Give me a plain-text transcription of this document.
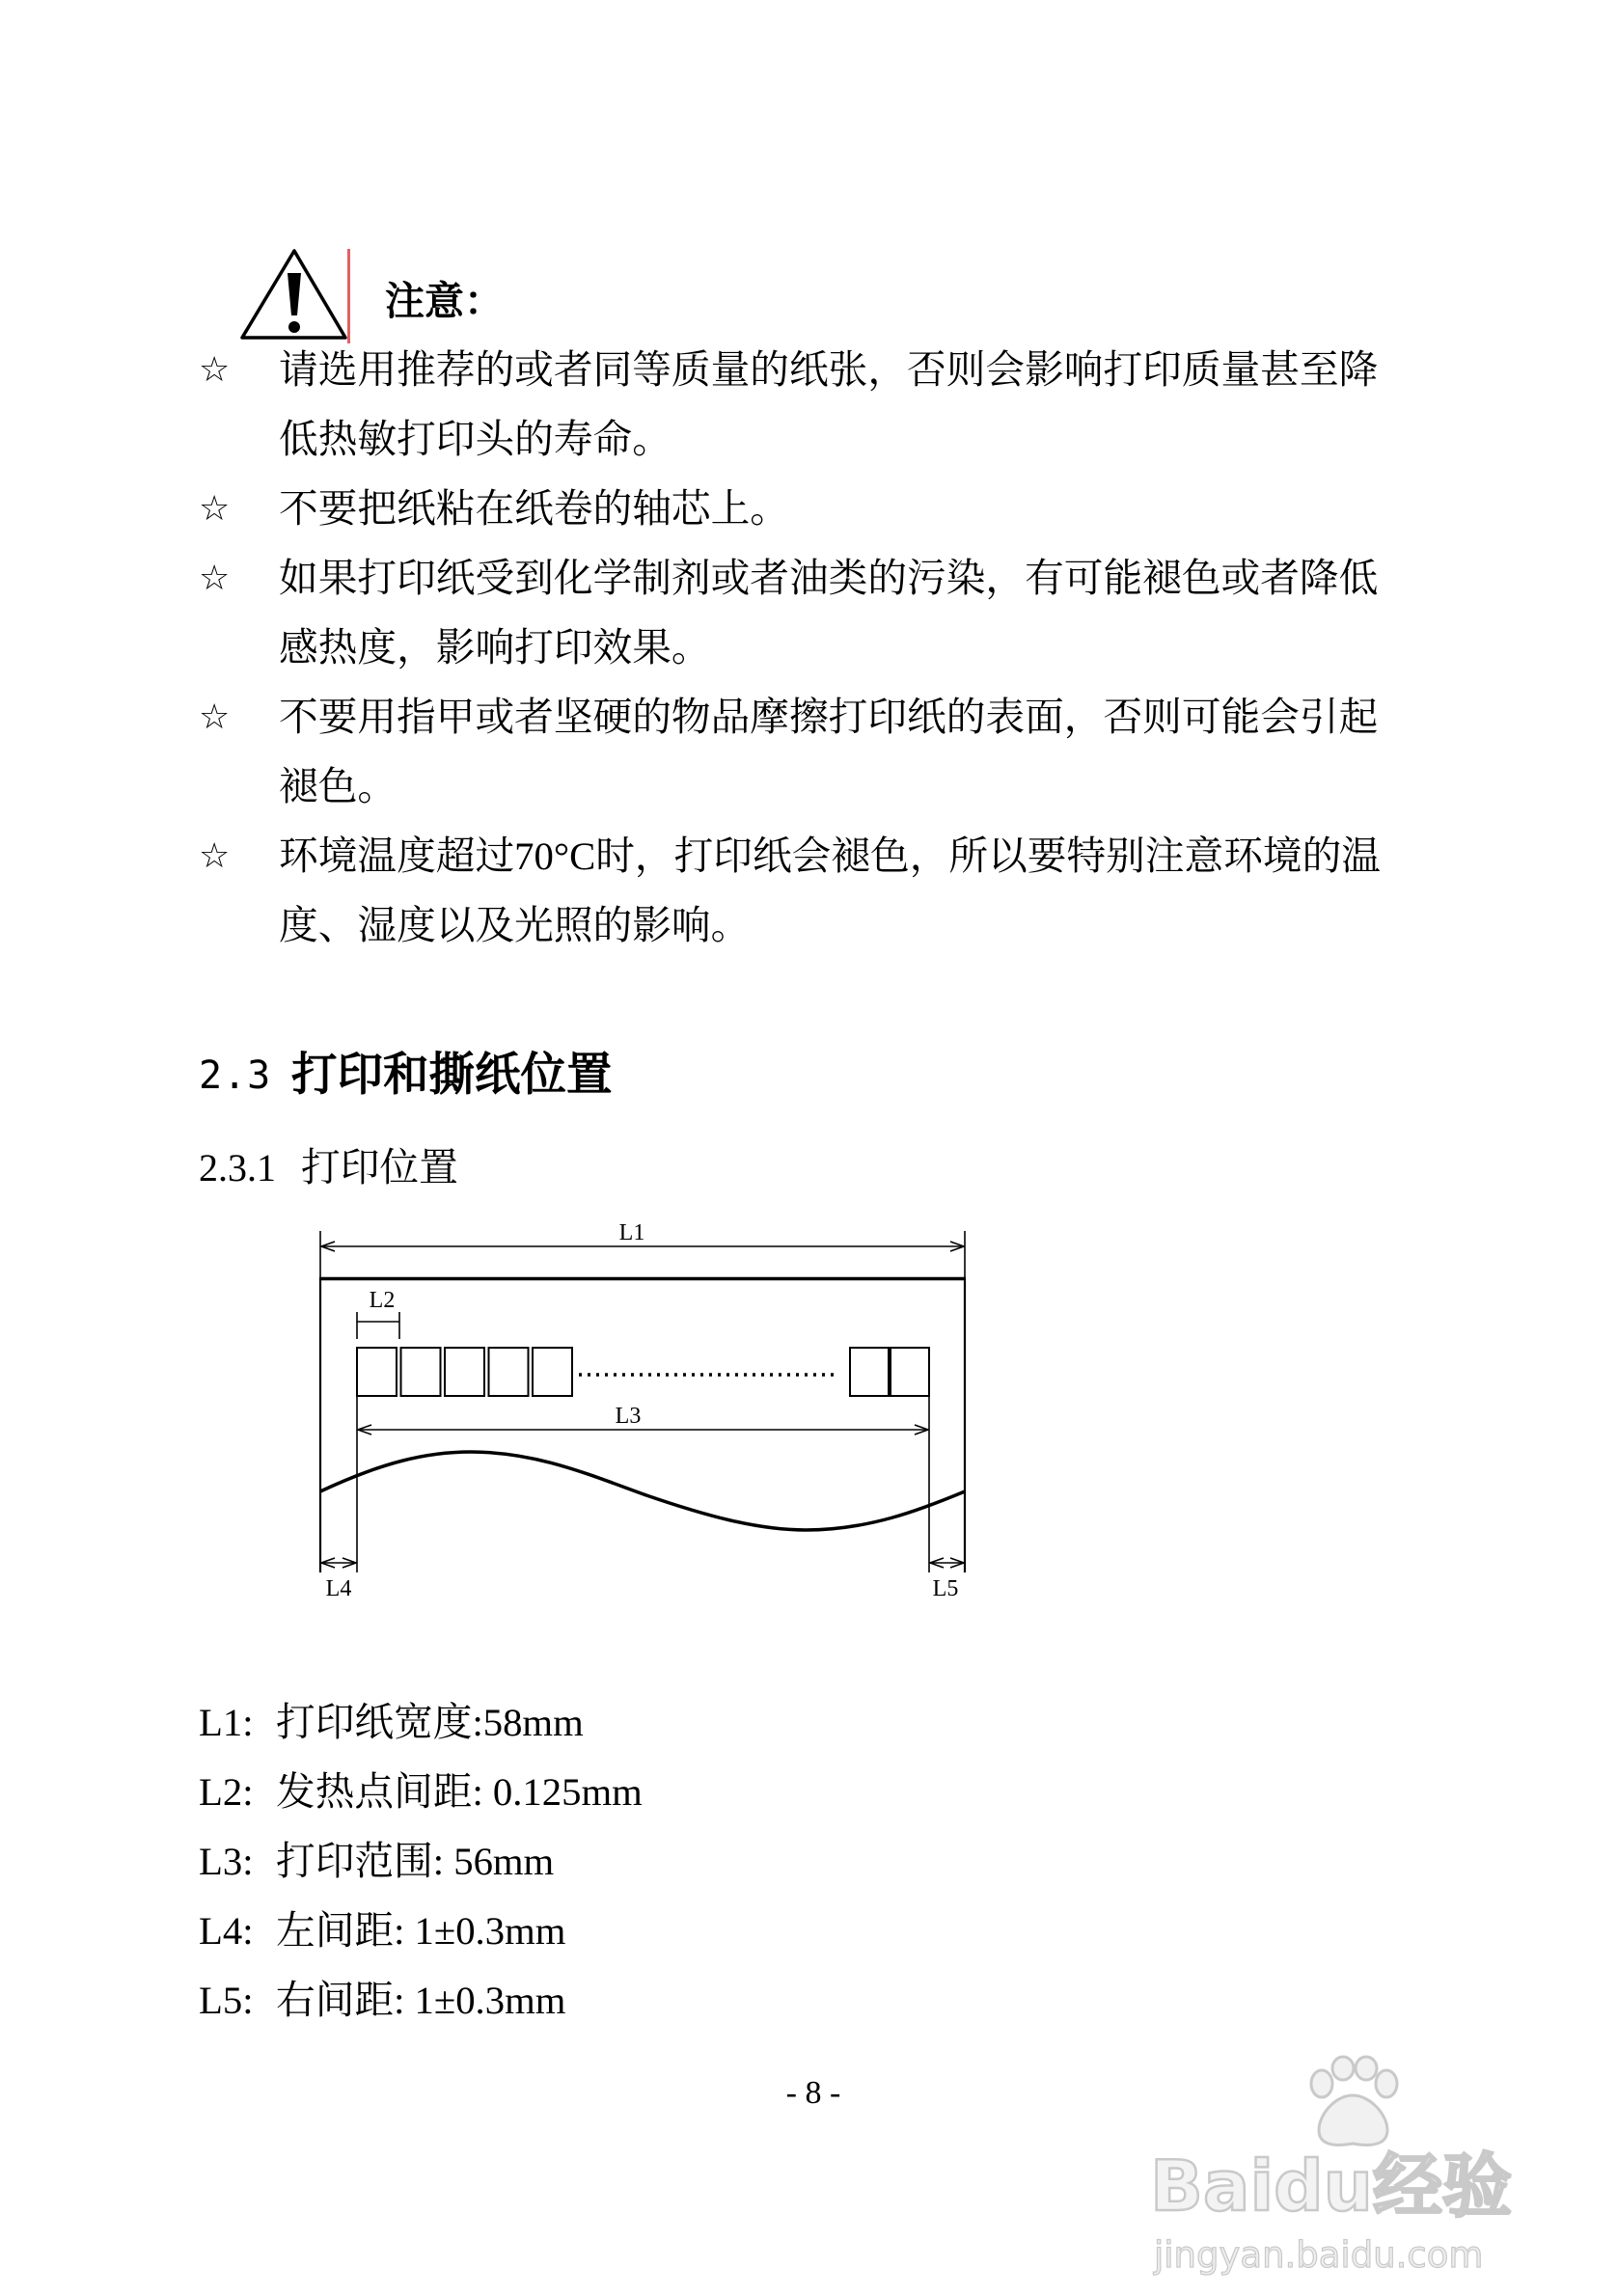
注意：
☆	请选用推荐的或者同等质量的纸张，否则会影响打印质量甚至降
低热敏打印头的寿命。
☆	不要把纸粘在纸卷的轴芯上。
☆	如果打印纸受到化学制剂或者油类的污染，有可能褪色或者降低
感热度，影响打印效果。
☆	不要用指甲或者坚硬的物品摩擦打印纸的表面，否则可能会引起
褪色。
☆	环境温度超过70°C时，打印纸会褪色，所以要特别注意环境的温
度、湿度以及光照的影响。
2.3 打印和撕纸位置
2.3.1 打印位置
L1
L2
L3
L4	L5
L1: 打印纸宽度:58mm
L2: 发热点间距: 0.125mm
L3: 打印范围: 56mm
L4: 左间距: 1±0.3mm
L5: 右间距: 1±0.3mm
- 8 -
Baidu经验
jingyan.baidu.com
